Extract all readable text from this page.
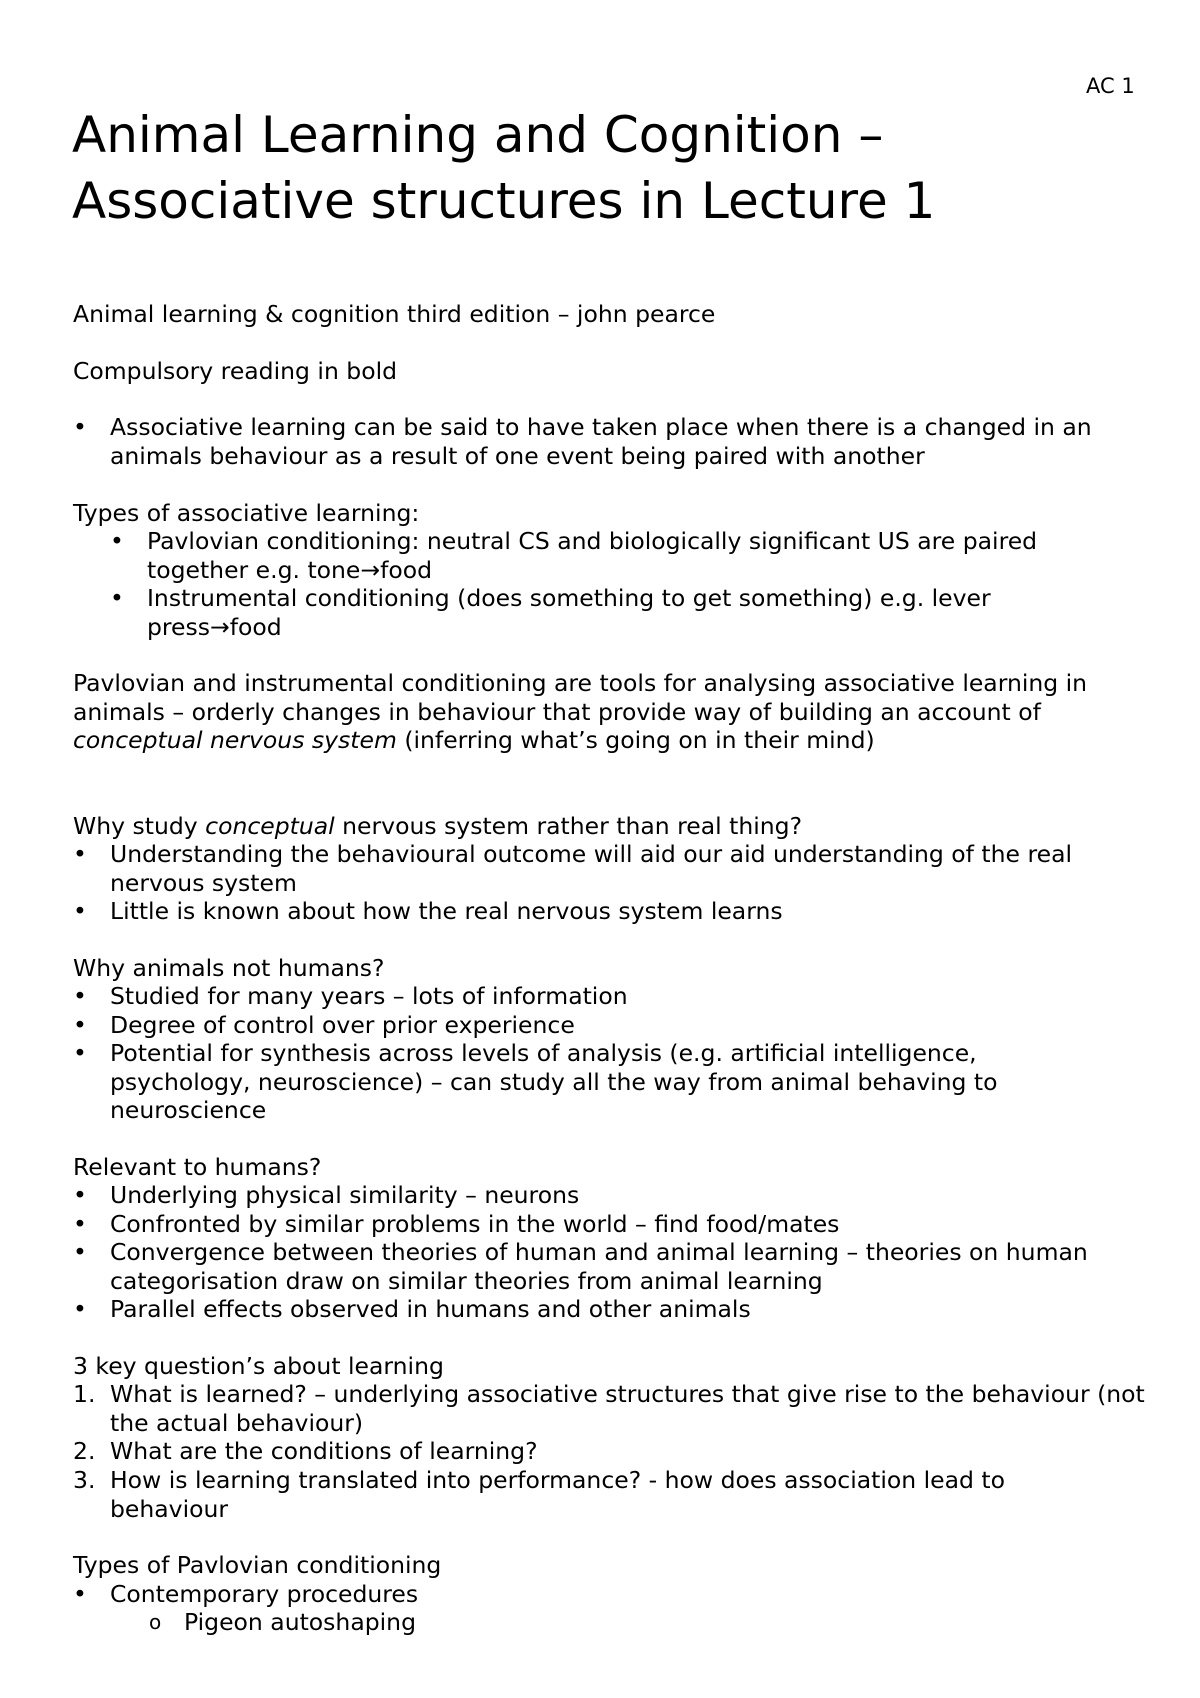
AC 1
Animal Learning and Cognition – Associative structures in Lecture 1

Animal learning & cognition third edition – john pearce

Compulsory reading in bold

• Associative learning can be said to have taken place when there is a changed in an animals behaviour as a result of one event being paired with another

Types of associative learning:

• Pavlovian conditioning: neutral CS and biologically significant US are paired together e.g. tone→food

• Instrumental conditioning (does something to get something) e.g. lever press→food

Pavlovian and instrumental conditioning are tools for analysing associative learning in animals – orderly changes in behaviour that provide way of building an account of conceptual nervous system (inferring what’s going on in their mind)

Why study conceptual nervous system rather than real thing?

• Understanding the behavioural outcome will aid our aid understanding of the real nervous system

• Little is known about how the real nervous system learns

Why animals not humans?

• Studied for many years – lots of information

• Degree of control over prior experience

• Potential for synthesis across levels of analysis (e.g. artificial intelligence, psychology, neuroscience) – can study all the way from animal behaving to neuroscience

Relevant to humans?

• Underlying physical similarity – neurons

• Confronted by similar problems in the world – find food/mates

• Convergence between theories of human and animal learning – theories on human categorisation draw on similar theories from animal learning

• Parallel effects observed in humans and other animals

3 key question’s about learning

1. What is learned? – underlying associative structures that give rise to the behaviour (not the actual behaviour)

2. What are the conditions of learning?

3. How is learning translated into performance? - how does association lead to behaviour

Types of Pavlovian conditioning

• Contemporary procedures

o Pigeon autoshaping
